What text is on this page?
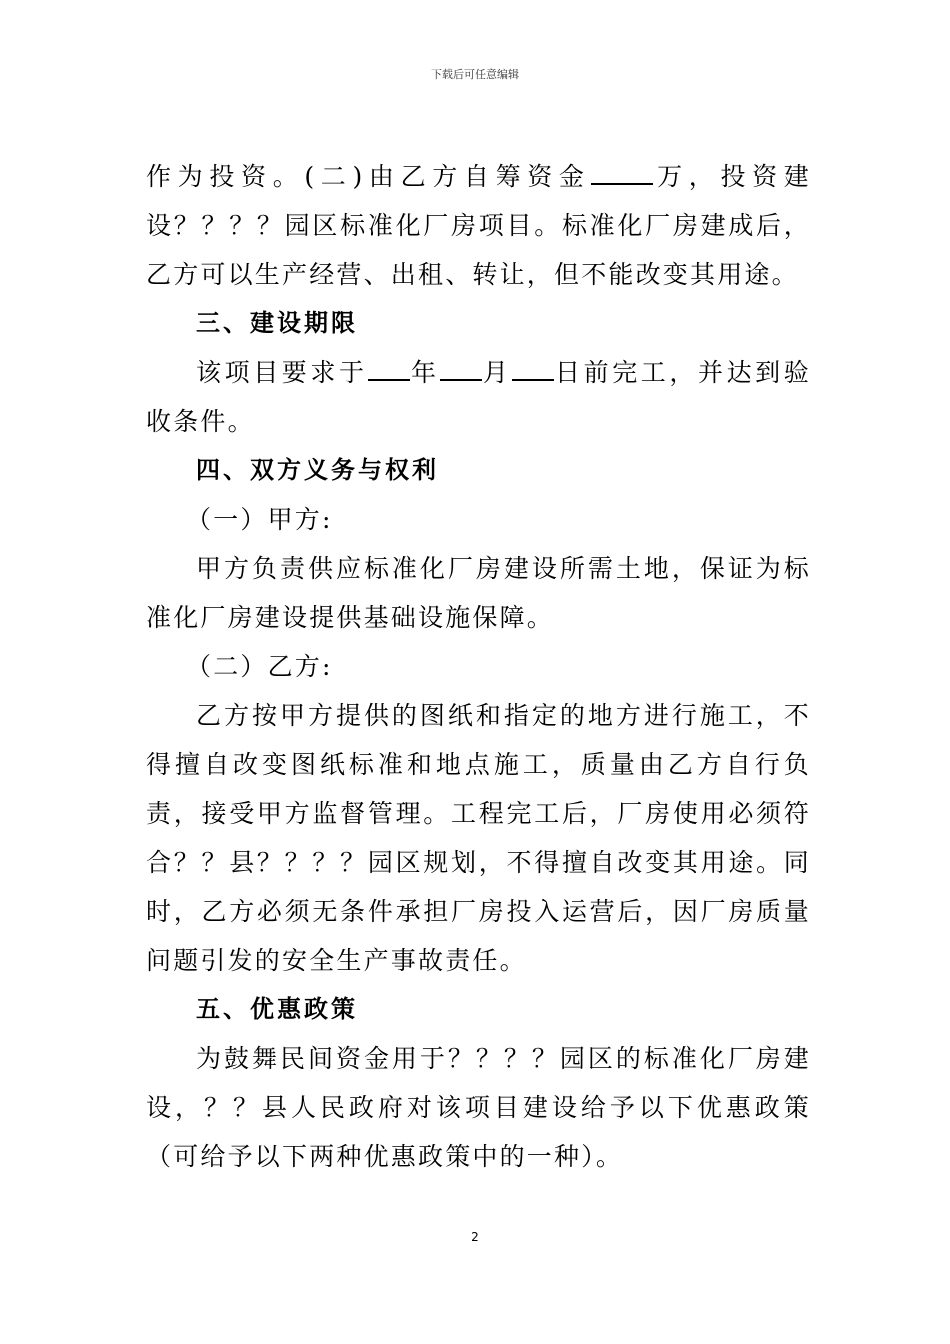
下载后可任意编辑

作为投资。(二)由乙方自筹资金 万，投资建设？？？？园区标准化厂房项目。标准化厂房建成后，乙方可以生产经营、出租、转让，但不能改变其用途。

三、建设期限

该项目要求于 年 月 日前完工，并达到验收条件。

四、双方义务与权利

（一）甲方:

甲方负责供应标准化厂房建设所需土地，保证为标准化厂房建设提供基础设施保障。

（二）乙方:

乙方按甲方提供的图纸和指定的地方进行施工，不得擅自改变图纸标准和地点施工，质量由乙方自行负责，接受甲方监督管理。工程完工后，厂房使用必须符合？？县？？？？园区规划，不得擅自改变其用途。同时，乙方必须无条件承担厂房投入运营后，因厂房质量问题引发的安全生产事故责任。

五、优惠政策

为鼓舞民间资金用于？？？？园区的标准化厂房建设，？？县人民政府对该项目建设给予以下优惠政策（可给予以下两种优惠政策中的一种）。

2
